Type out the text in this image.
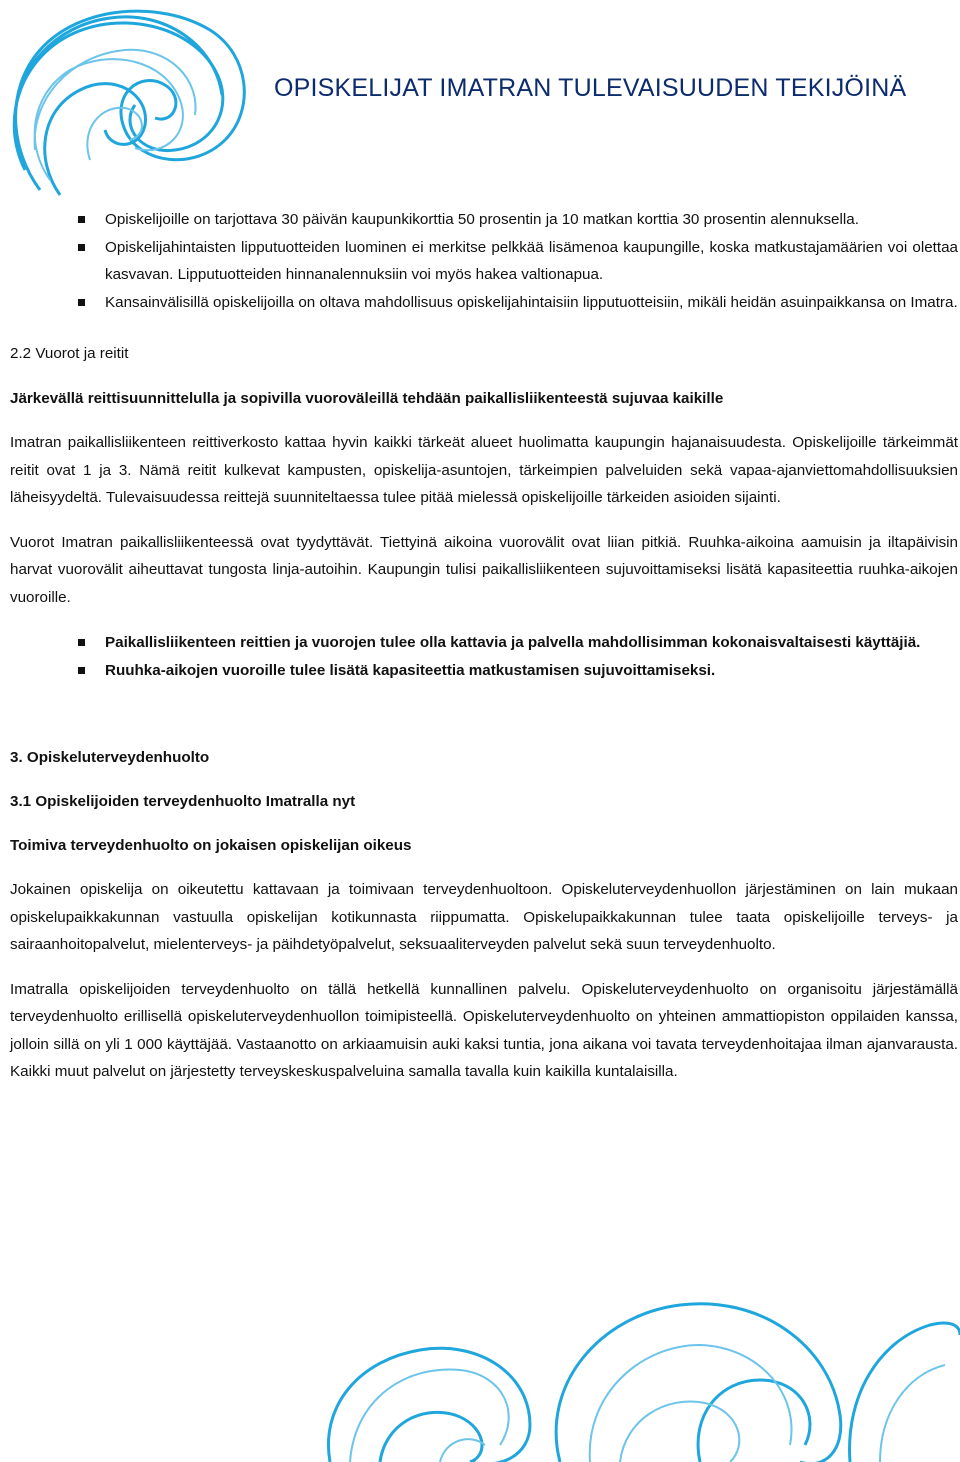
OPISKELIJAT IMATRAN TULEVAISUUDEN TEKIJÖINÄ
Opiskelijoille on tarjottava 30 päivän kaupunkikorttia 50 prosentin ja 10 matkan korttia 30 prosentin alennuksella.
Opiskelijahintaisten lipputuotteiden luominen ei merkitse pelkkää lisämenoa kaupungille, koska matkustajamäärien voi olettaa kasvavan. Lipputuotteiden hinnanalennuksiin voi myös hakea valtionapua.
Kansainvälisillä opiskelijoilla on oltava mahdollisuus opiskelijahintaisiin lipputuotteisiin, mikäli heidän asuinpaikkansa on Imatra.
2.2 Vuorot ja reitit
Järkevällä reittisuunnittelulla ja sopivilla vuoroväleillä tehdään paikallisliikenteestä sujuvaa kaikille

Imatran paikallisliikenteen reittiverkosto kattaa hyvin kaikki tärkeät alueet huolimatta kaupungin hajanaisuudesta. Opiskelijoille tärkeimmät reitit ovat 1 ja 3. Nämä reitit kulkevat kampusten, opiskelija-asuntojen, tärkeimpien palveluiden sekä vapaa-ajanviettomahdollisuuksien läheisyydeltä. Tulevaisuudessa reittejä suunniteltaessa tulee pitää mielessä opiskelijoille tärkeiden asioiden sijainti.

Vuorot Imatran paikallisliikenteessä ovat tyydyttävät. Tiettyinä aikoina vuorovälit ovat liian pitkiä. Ruuhka-aikoina aamuisin ja iltapäivisin harvat vuorovälit aiheuttavat tungosta linja-autoihin. Kaupungin tulisi paikallisliikenteen sujuvoittamiseksi lisätä kapasiteettia ruuhka-aikojen vuoroille.

Paikallisliikenteen reittien ja vuorojen tulee olla kattavia ja palvella mahdollisimman kokonaisvaltaisesti käyttäjiä.
Ruuhka-aikojen vuoroille tulee lisätä kapasiteettia matkustamisen sujuvoittamiseksi.
3. Opiskeluterveydenhuolto
3.1 Opiskelijoiden terveydenhuolto Imatralla nyt
Toimiva terveydenhuolto on jokaisen opiskelijan oikeus

Jokainen opiskelija on oikeutettu kattavaan ja toimivaan terveydenhuoltoon. Opiskeluterveydenhuollon järjestäminen on lain mukaan opiskelupaikkakunnan vastuulla opiskelijan kotikunnasta riippumatta. Opiskelupaikkakunnan tulee taata opiskelijoille terveys- ja sairaanhoitopalvelut, mielenterveys- ja päihdetyöpalvelut, seksuaaliterveyden palvelut sekä suun terveydenhuolto.

Imatralla opiskelijoiden terveydenhuolto on tällä hetkellä kunnallinen palvelu. Opiskeluterveydenhuolto on organisoitu järjestämällä terveydenhuolto erillisellä opiskeluterveydenhuollon toimipisteellä. Opiskeluterveydenhuolto on yhteinen ammattiopiston oppilaiden kanssa, jolloin sillä on yli 1 000 käyttäjää. Vastaanotto on arkiaamuisin auki kaksi tuntia, jona aikana voi tavata terveydenhoitajaa ilman ajanvarausta. Kaikki muut palvelut on järjestetty terveyskeskuspalveluina samalla tavalla kuin kaikilla kuntalaisilla.
